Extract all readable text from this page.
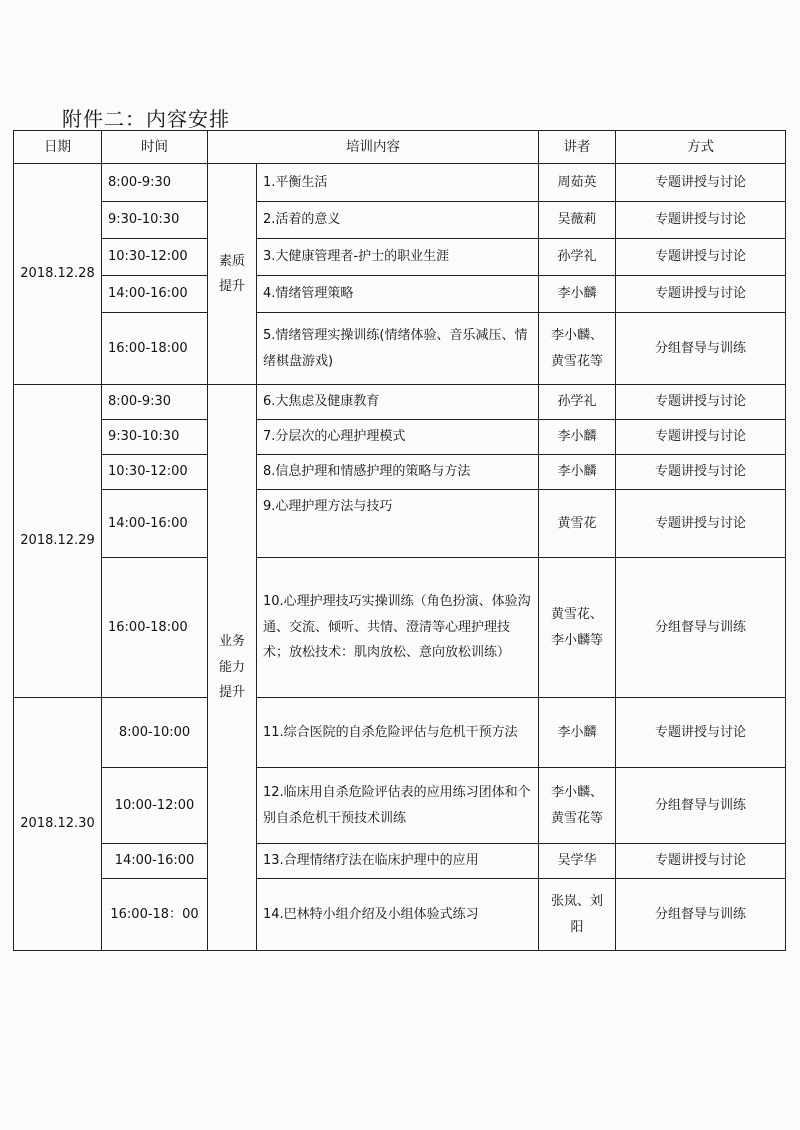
附件二：内容安排
日期	时间	培训内容		讲者	方式
2018.12.28	8:00-9:30	素质提升	1.平衡生活	周茹英	专题讲授与讨论
	9:30-10:30		2.活着的意义	吴薇莉	专题讲授与讨论
	10:30-12:00		3.大健康管理者-护士的职业生涯	孙学礼	专题讲授与讨论
	14:00-16:00		4.情绪管理策略	李小麟	专题讲授与讨论
	16:00-18:00		5.情绪管理实操训练(情绪体验、音乐减压、情绪棋盘游戏)	李小麟、黄雪花等	分组督导与训练
2018.12.29	8:00-9:30	业务能力提升	6.大焦虑及健康教育	孙学礼	专题讲授与讨论
	9:30-10:30		7.分层次的心理护理模式	李小麟	专题讲授与讨论
	10:30-12:00		8.信息护理和情感护理的策略与方法	李小麟	专题讲授与讨论
	14:00-16:00		9.心理护理方法与技巧	黄雪花	专题讲授与讨论
	16:00-18:00		10.心理护理技巧实操训练（角色扮演、体验沟通、交流、倾听、共情、澄清等心理护理技术；放松技术：肌肉放松、意向放松训练）	黄雪花、李小麟等	分组督导与训练
2018.12.30	8:00-10:00		11.综合医院的自杀危险评估与危机干预方法	李小麟	专题讲授与讨论
	10:00-12:00		12.临床用自杀危险评估表的应用练习团体和个别自杀危机干预技术训练	李小麟、黄雪花等	分组督导与训练
	14:00-16:00		13.合理情绪疗法在临床护理中的应用	吴学华	专题讲授与讨论
	16:00-18：00		14.巴林特小组介绍及小组体验式练习	张岚、刘阳	分组督导与训练
